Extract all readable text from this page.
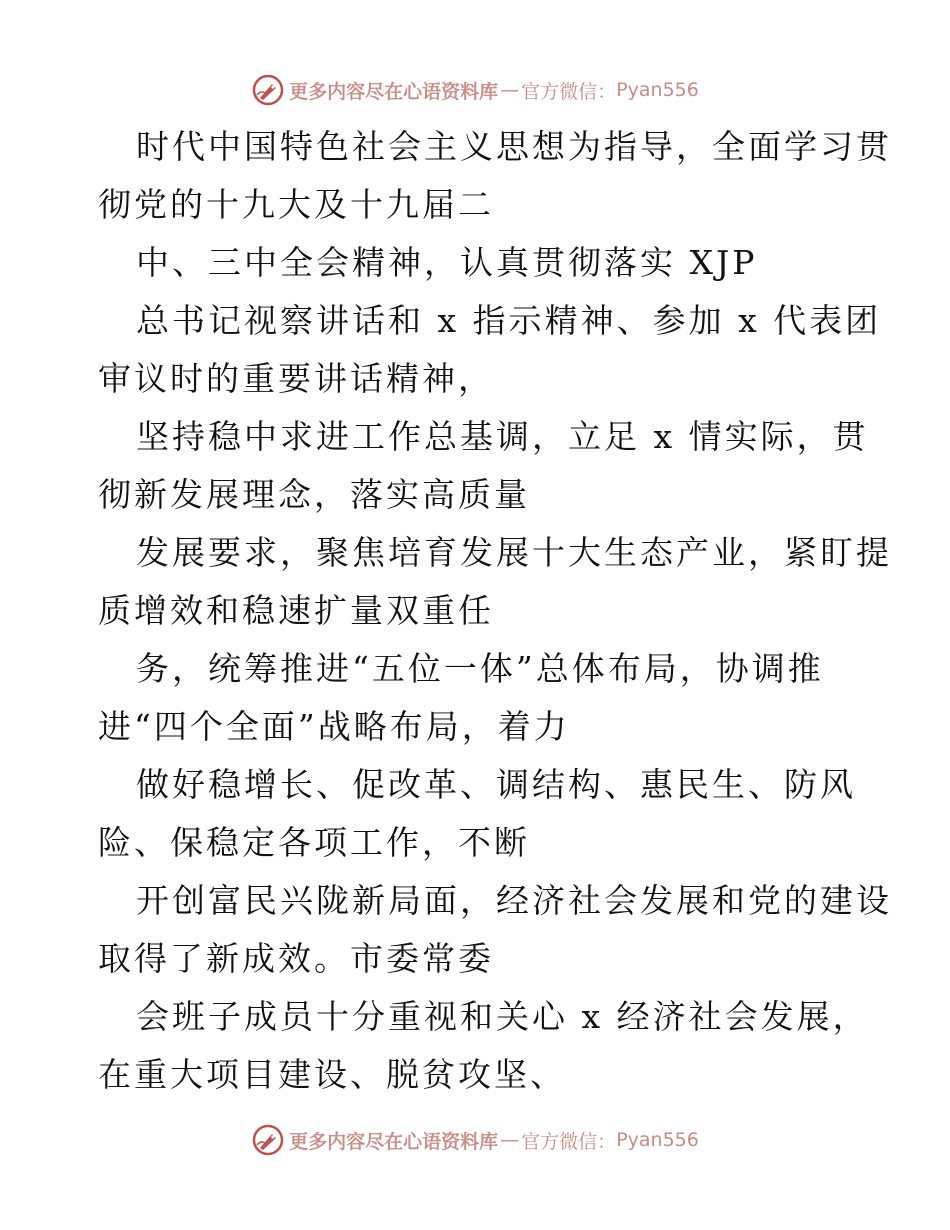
更多内容尽在心语资料库 — 官方微信： Pyan556

时代中国特色社会主义思想为指导，全面学习贯
彻党的十九大及十九届二

中、三中全会精神，认真贯彻落实 XJP

总书记视察讲话和 x 指示精神、参加 x 代表团
审议时的重要讲话精神，

坚持稳中求进工作总基调，立足 x 情实际，贯
彻新发展理念，落实高质量

发展要求，聚焦培育发展十大生态产业，紧盯提
质增效和稳速扩量双重任

务，统筹推进“五位一体”总体布局，协调推
进“四个全面”战略布局，着力

做好稳增长、促改革、调结构、惠民生、防风
险、保稳定各项工作，不断

开创富民兴陇新局面，经济社会发展和党的建设
取得了新成效。市委常委

会班子成员十分重视和关心 x 经济社会发展，
在重大项目建设、脱贫攻坚、

更多内容尽在心语资料库 — 官方微信： Pyan556
